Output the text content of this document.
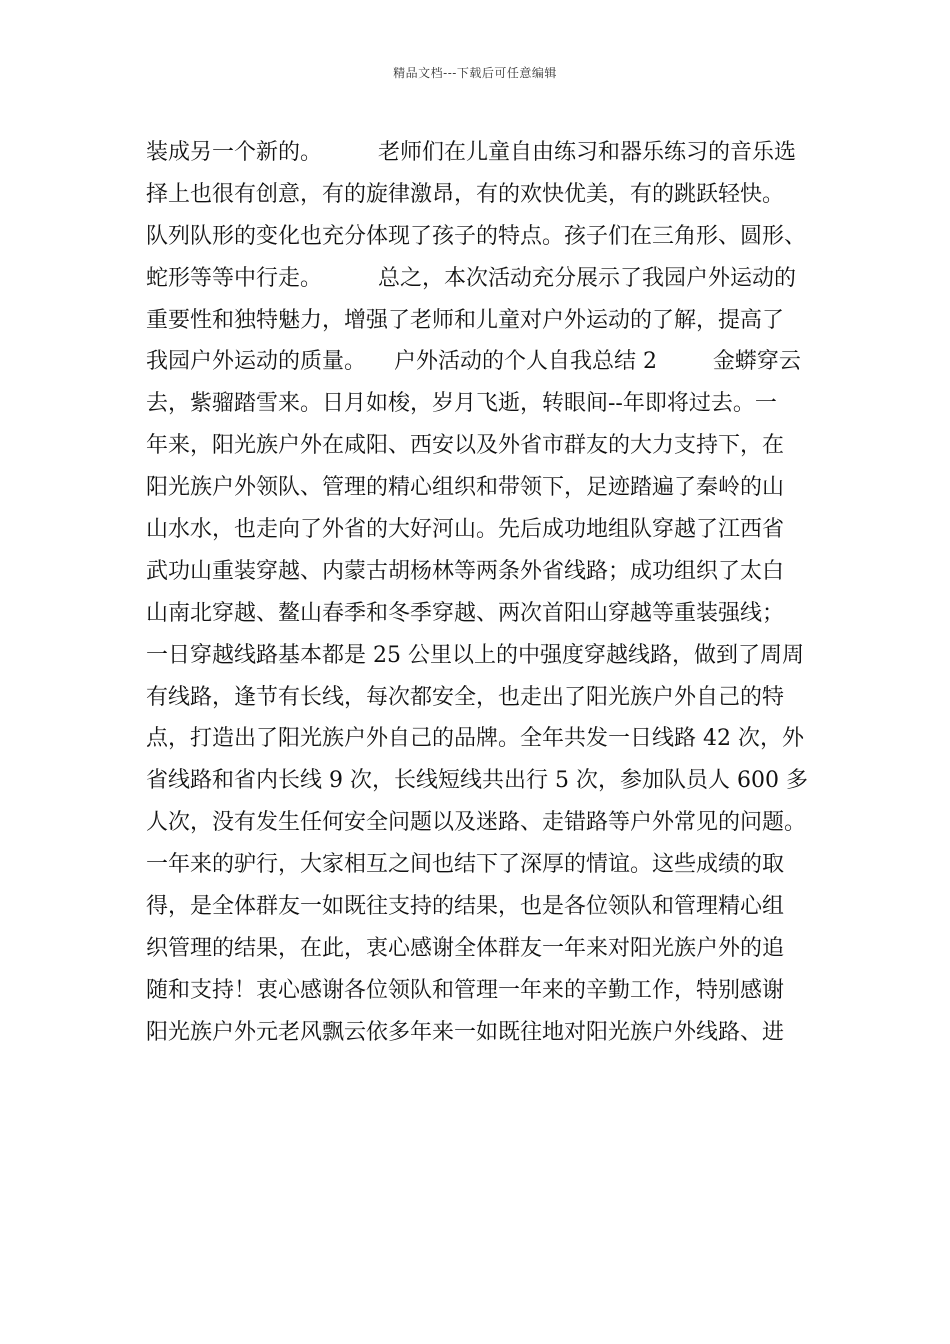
精品文档---下载后可任意编辑
装成另一个新的。        老师们在儿童自由练习和器乐练习的音乐选
择上也很有创意，有的旋律激昂，有的欢快优美，有的跳跃轻快。
队列队形的变化也充分体现了孩子的特点。孩子们在三角形、圆形、
蛇形等等中行走。        总之，本次活动充分展示了我园户外运动的
重要性和独特魅力，增强了老师和儿童对户外运动的了解，提高了
我园户外运动的质量。    户外活动的个人自我总结 2        金蟒穿云
去，紫骝踏雪来。日月如梭，岁月飞逝，转眼间--年即将过去。一
年来，阳光族户外在咸阳、西安以及外省市群友的大力支持下，在
阳光族户外领队、管理的精心组织和带领下，足迹踏遍了秦岭的山
山水水，也走向了外省的大好河山。先后成功地组队穿越了江西省
武功山重装穿越、内蒙古胡杨林等两条外省线路；成功组织了太白
山南北穿越、鳌山春季和冬季穿越、两次首阳山穿越等重装强线；
一日穿越线路基本都是 25 公里以上的中强度穿越线路，做到了周周
有线路，逢节有长线，每次都安全，也走出了阳光族户外自己的特
点，打造出了阳光族户外自己的品牌。全年共发一日线路 42 次，外
省线路和省内长线 9 次，长线短线共出行 5 次，参加队员人 600 多
人次，没有发生任何安全问题以及迷路、走错路等户外常见的问题。
一年来的驴行，大家相互之间也结下了深厚的情谊。这些成绩的取
得，是全体群友一如既往支持的结果，也是各位领队和管理精心组
织管理的结果，在此，衷心感谢全体群友一年来对阳光族户外的追
随和支持！衷心感谢各位领队和管理一年来的辛勤工作，特别感谢
阳光族户外元老风飘云依多年来一如既往地对阳光族户外线路、进
